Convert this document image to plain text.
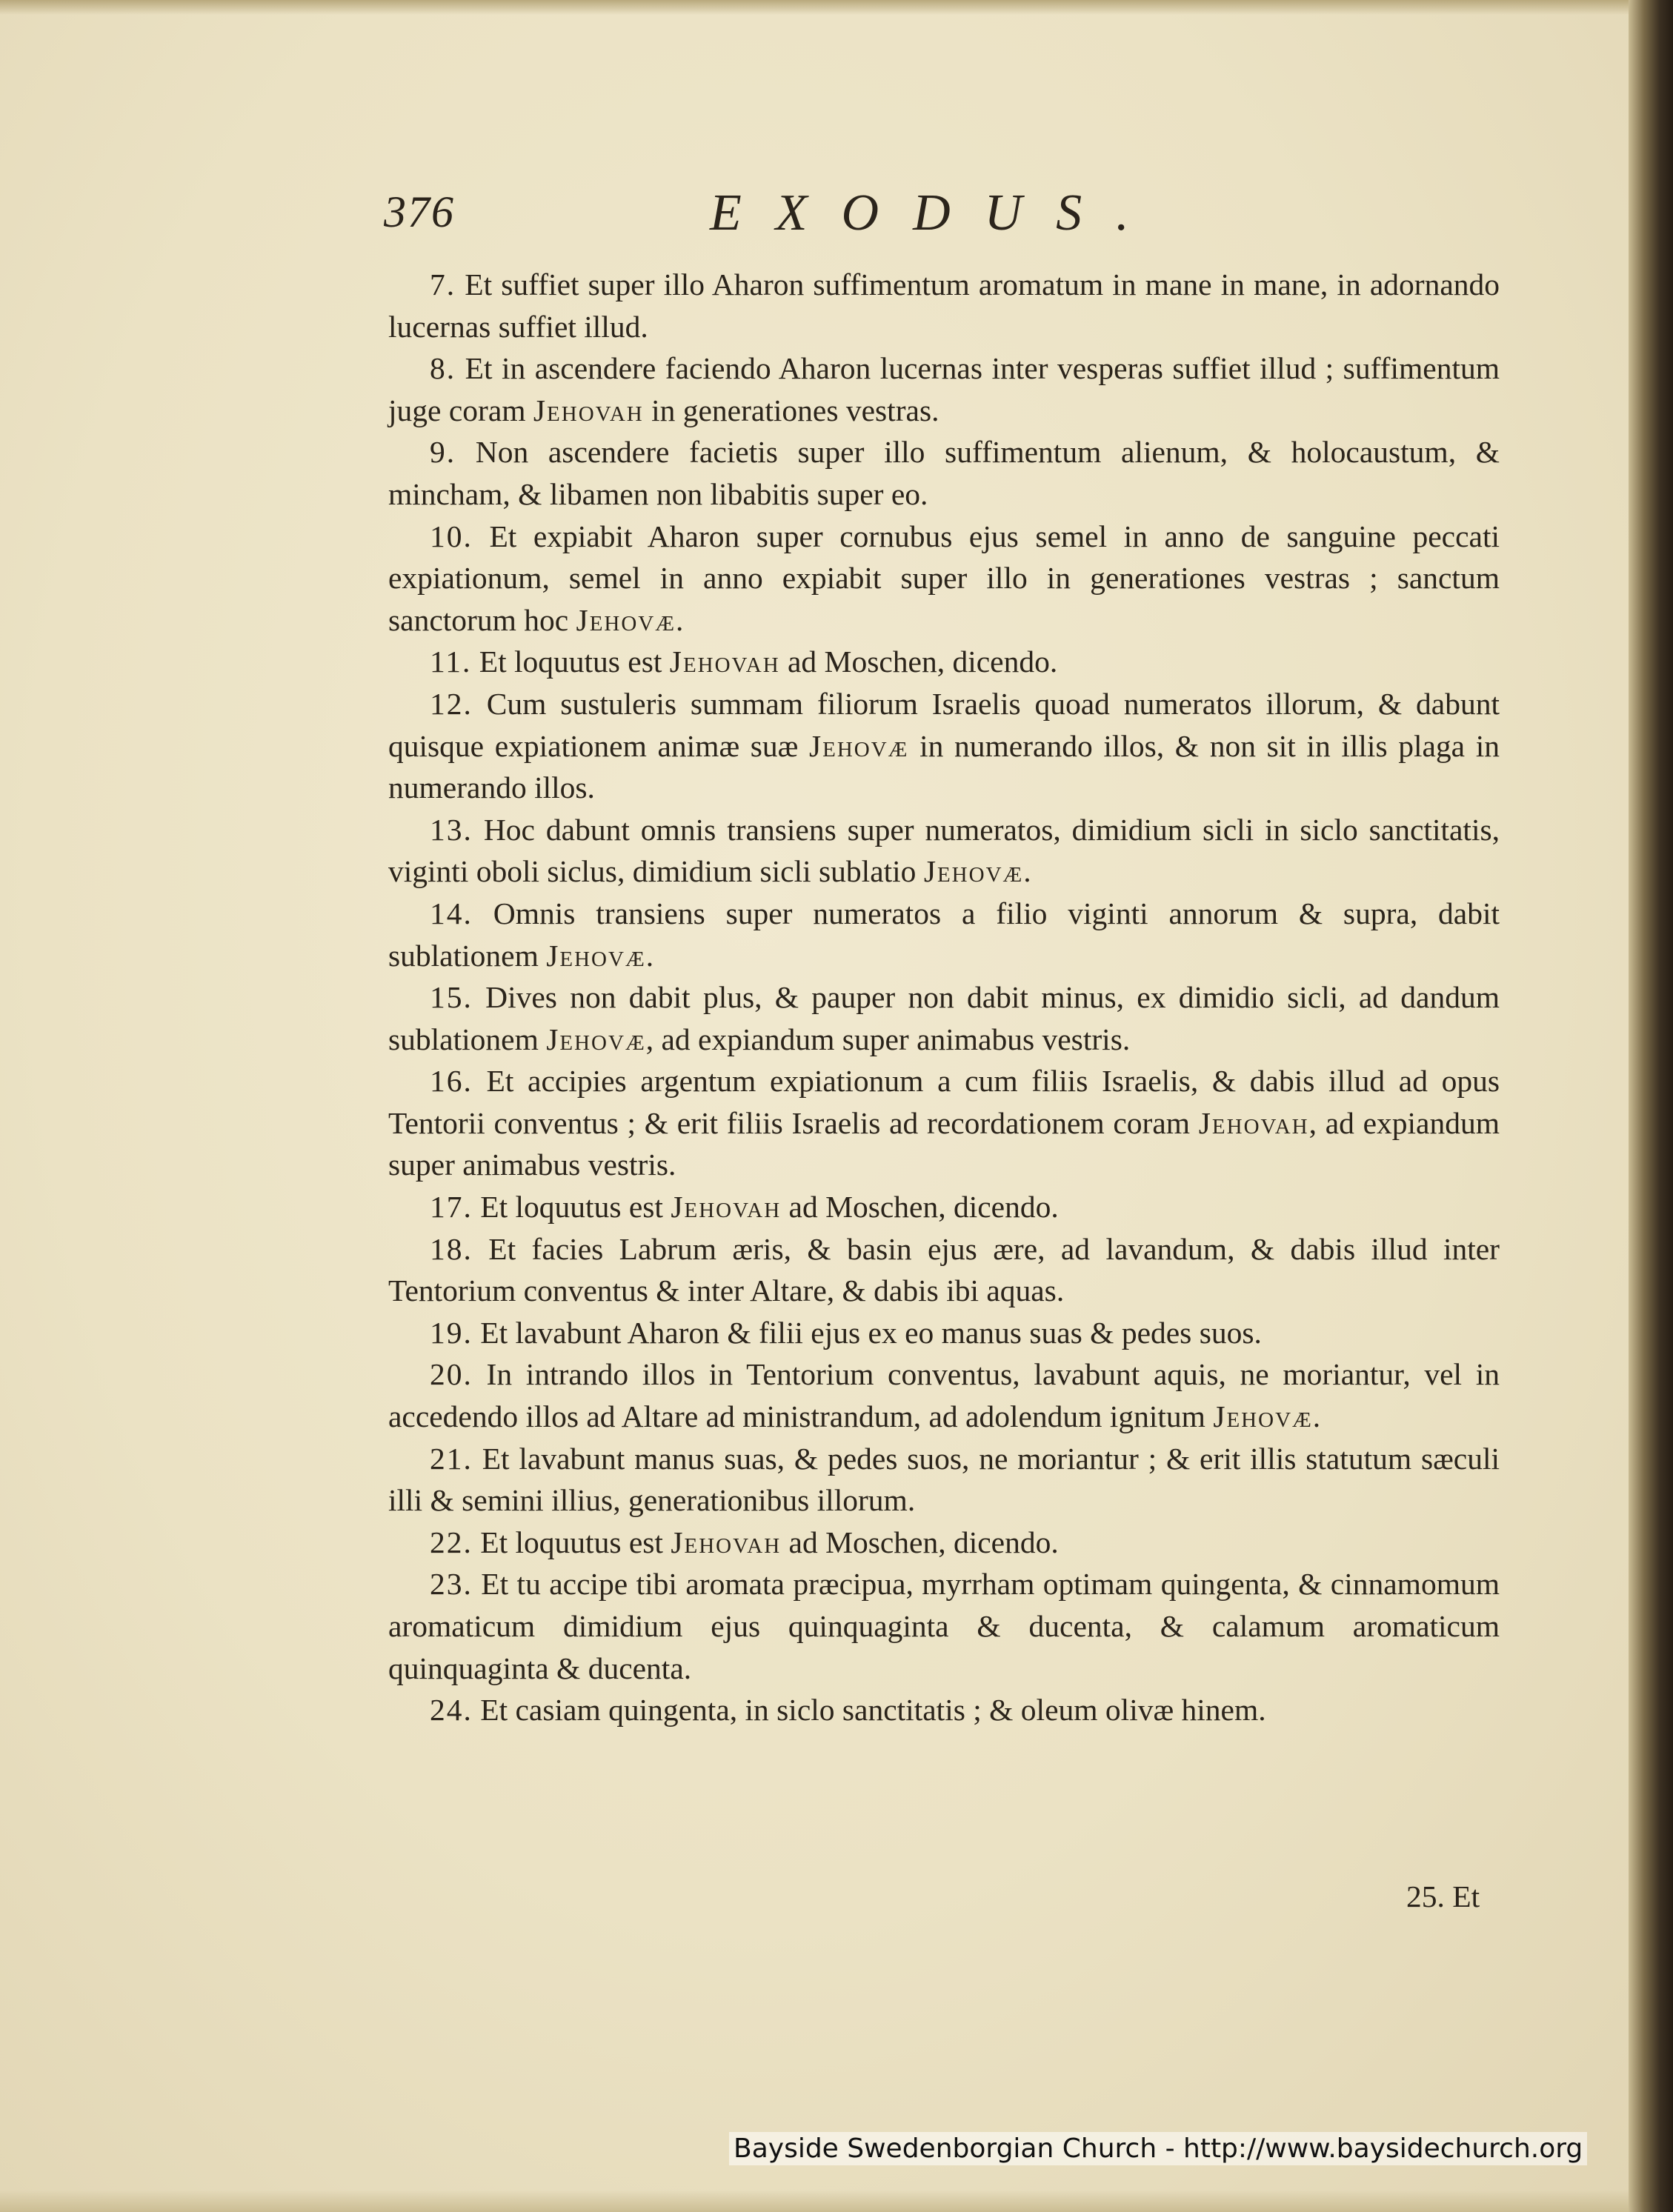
376	EXODUS.

7. Et suffiet super illo Aharon suffimentum aromatum in mane in mane, in adornando lucernas suffiet illud.

8. Et in ascendere faciendo Aharon lucernas inter vesperas suffiet illud ; suffimentum juge coram Jehovah in generationes vestras.

9. Non ascendere facietis super illo suffimentum alienum, & holocaustum, & mincham, & libamen non libabitis super eo.

10. Et expiabit Aharon super cornubus ejus semel in anno de sanguine peccati expiationum, semel in anno expiabit super illo in generationes vestras ; sanctum sanctorum hoc Jehovæ.

11. Et loquutus est Jehovah ad Moschen, dicendo.

12. Cum sustuleris summam filiorum Israelis quoad numeratos illorum, & dabunt quisque expiationem animæ suæ Jehovæ in numerando illos, & non sit in illis plaga in numerando illos.

13. Hoc dabunt omnis transiens super numeratos, dimidium sicli in siclo sanctitatis, viginti oboli siclus, dimidium sicli sublatio Jehovæ.

14. Omnis transiens super numeratos a filio viginti annorum & supra, dabit sublationem Jehovæ.

15. Dives non dabit plus, & pauper non dabit minus, ex dimidio sicli, ad dandum sublationem Jehovæ, ad expiandum super animabus vestris.

16. Et accipies argentum expiationum a cum filiis Israelis, & dabis illud ad opus Tentorii conventus ; & erit filiis Israelis ad recordationem coram Jehovah, ad expiandum super animabus vestris.

17. Et loquutus est Jehovah ad Moschen, dicendo.

18. Et facies Labrum æris, & basin ejus ære, ad lavandum, & dabis illud inter Tentorium conventus & inter Altare, & dabis ibi aquas.

19. Et lavabunt Aharon & filii ejus ex eo manus suas & pedes suos.

20. In intrando illos in Tentorium conventus, lavabunt aquis, ne moriantur, vel in accedendo illos ad Altare ad ministrandum, ad adolendum ignitum Jehovæ.

21. Et lavabunt manus suas, & pedes suos, ne moriantur ; & erit illis statutum sæculi illi & semini illius, generationibus illorum.

22. Et loquutus est Jehovah ad Moschen, dicendo.

23. Et tu accipe tibi aromata præcipua, myrrham optimam quingenta, & cinnamomum aromaticum dimidium ejus quinquaginta & ducenta, & calamum aromaticum quinquaginta & ducenta.

24. Et casiam quingenta, in siclo sanctitatis ; & oleum olivæ hinem.

25. Et
Bayside Swedenborgian Church - http://www.baysidechurch.org
